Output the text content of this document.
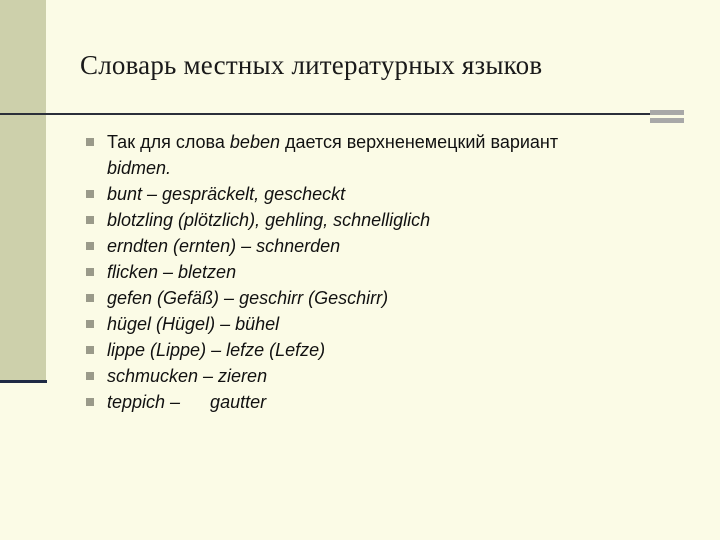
Словарь местных литературных языков
Так для слова beben дается верхненемецкий вариант
bidmen.
bunt – gespräckelt, gescheckt
blotzling (plötzlich), gehling, schnelliglich
erndten (ernten) – schnerden
flicken – bletzen
gefen (Gefäß) – geschirr (Geschirr)
hügel (Hügel) – bühel
lippe (Lippe) – lefze (Lefze)
schmucken – zieren
teppich –      gautter
